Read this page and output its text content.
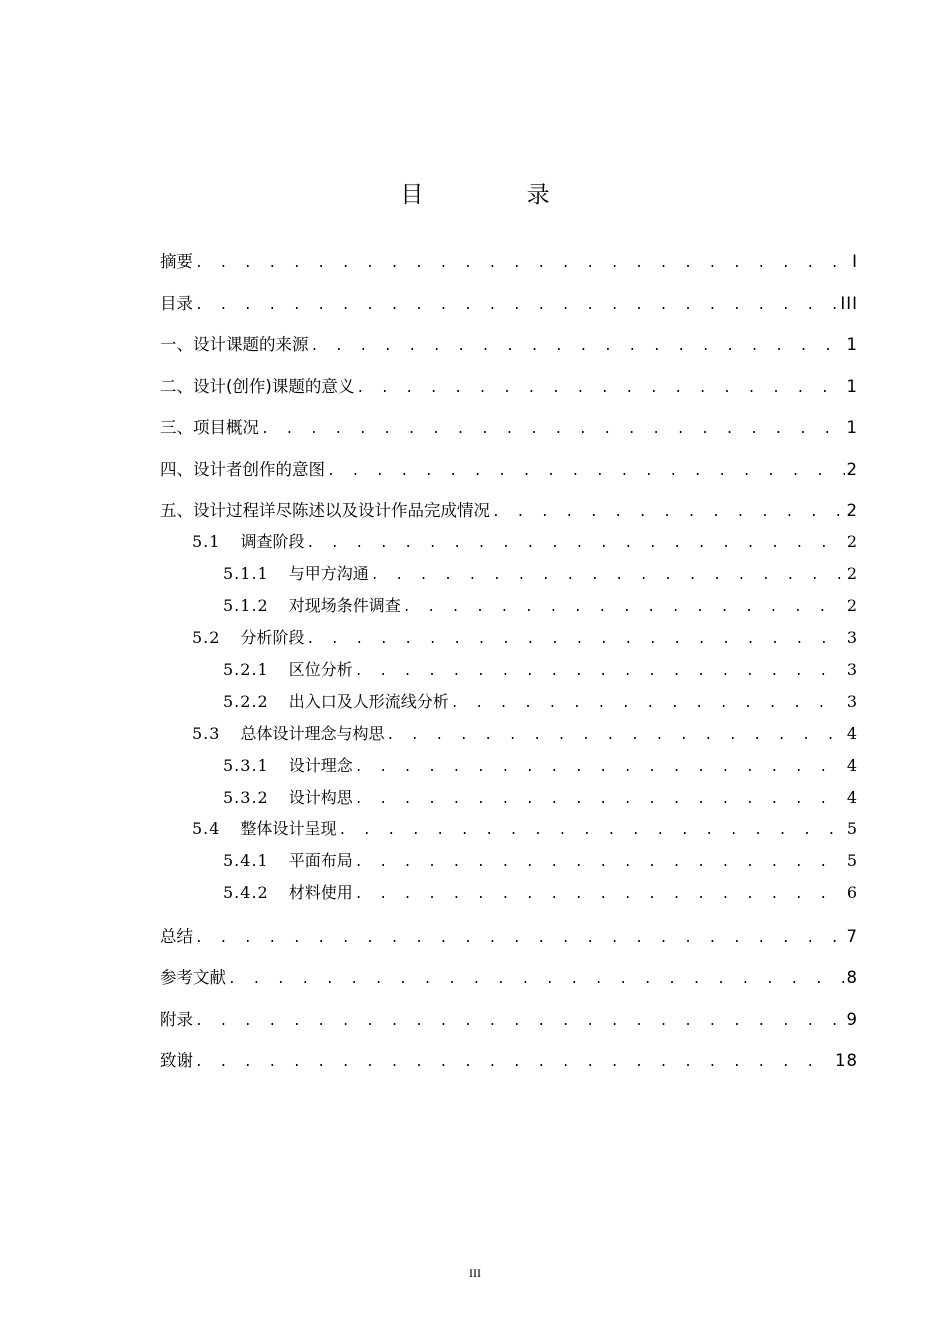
目 录
摘要 . . .	I
目录 . . .	III
一、设计课题的来源 . . .	1
二、设计(创作)课题的意义 . . .	1
三、项目概况 . . .	1
四、设计者创作的意图 . . .	2
五、设计过程详尽陈述以及设计作品完成情况 . . .	2
5.1 调查阶段 . . .	2
5.1.1 与甲方沟通 . . .	2
5.1.2 对现场条件调查 . . .	2
5.2 分析阶段 . . .	3
5.2.1 区位分析 . . .	3
5.2.2 出入口及人形流线分析 . . .	3
5.3 总体设计理念与构思 . . .	4
5.3.1 设计理念 . . .	4
5.3.2 设计构思 . . .	4
5.4 整体设计呈现 . . .	5
5.4.1 平面布局 . . .	5
5.4.2 材料使用 . . .	6
总结 . . .	7
参考文献 . . .	8
附录 . . .	9
致谢 . . .	18
III
